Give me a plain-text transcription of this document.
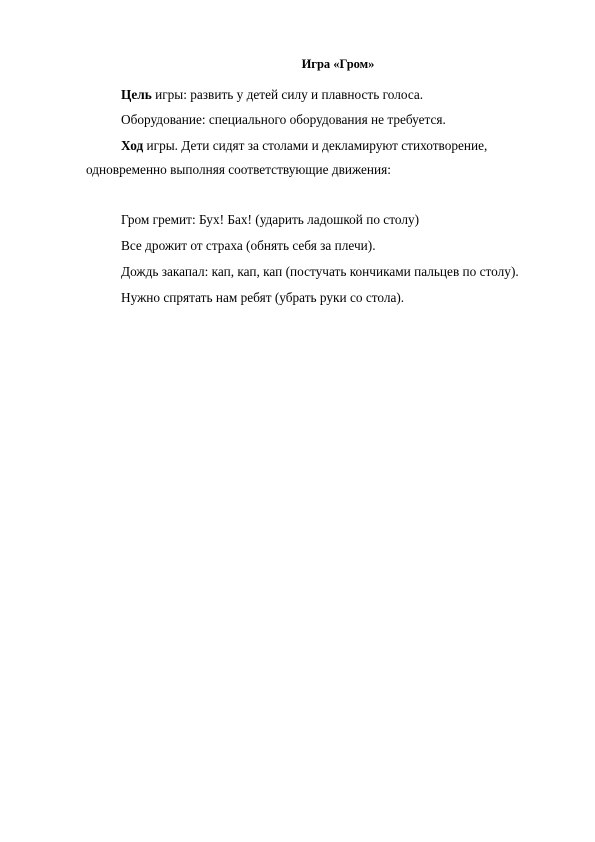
Игра «Гром»
Цель игры: развить у детей силу и плавность голоса.
Оборудование: специального оборудования не требуется.
Ход игры. Дети сидят за столами и декламируют стихотворение,
одновременно выполняя соответствующие движения:
Гром гремит: Бух! Бах! (ударить ладошкой по столу)
Все дрожит от страха (обнять себя за плечи).
Дождь закапал: кап, кап, кап (постучать кончиками пальцев по столу).
Нужно спрятать нам ребят (убрать руки со стола).
